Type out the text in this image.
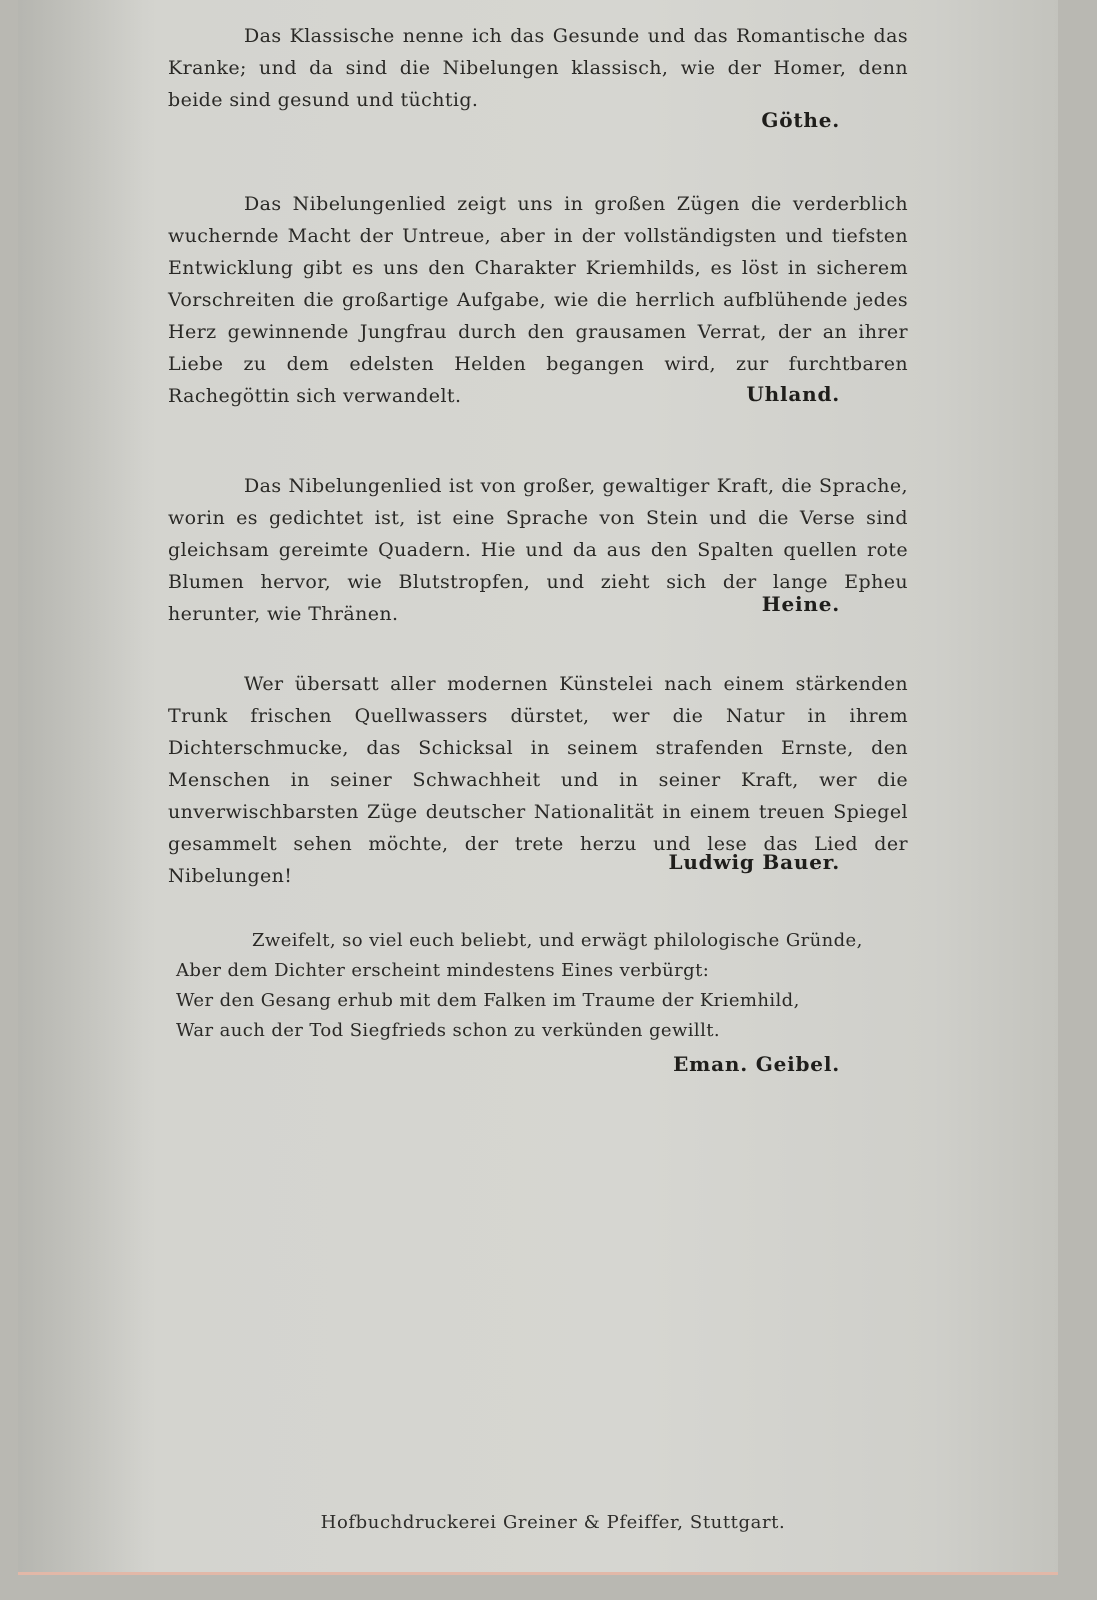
Das Klassische nenne ich das Gesunde und das Romantische das Kranke; und da sind die Nibelungen klassisch, wie der Homer, denn beide sind gesund und tüchtig.

Göthe.

Das Nibelungenlied zeigt uns in großen Zügen die verderblich wuchernde Macht der Untreue, aber in der vollständigsten und tiefsten Entwicklung gibt es uns den Charakter Kriemhilds, es löst in sicherem Vorschreiten die großartige Aufgabe, wie die herrlich aufblühende jedes Herz gewinnende Jungfrau durch den grausamen Verrat, der an ihrer Liebe zu dem edelsten Helden begangen wird, zur furchtbaren Rachegöttin sich verwandelt.	Uhland.

Das Nibelungenlied ist von großer, gewaltiger Kraft, die Sprache, worin es gedichtet ist, ist eine Sprache von Stein und die Verse sind gleichsam gereimte Quadern. Hie und da aus den Spalten quellen rote Blumen hervor, wie Blutstropfen, und zieht sich der lange Epheu herunter, wie Thränen.	Heine.

Wer übersatt aller modernen Künstelei nach einem stärkenden Trunk frischen Quellwassers dürstet, wer die Natur in ihrem Dichterschmucke, das Schicksal in seinem strafenden Ernste, den Menschen in seiner Schwachheit und in seiner Kraft, wer die unverwischbarsten Züge deutscher Nationalität in einem treuen Spiegel gesammelt sehen möchte, der trete herzu und lese das Lied der Nibelungen!

Ludwig Bauer.
Zweifelt, so viel euch beliebt, und erwägt philologische Gründe,
Aber dem Dichter erscheint mindestens Eines verbürgt:
Wer den Gesang erhub mit dem Falken im Traume der Kriemhild,
War auch der Tod Siegfrieds schon zu verkünden gewillt.
Eman. Geibel.
Hofbuchdruckerei Greiner & Pfeiffer, Stuttgart.
